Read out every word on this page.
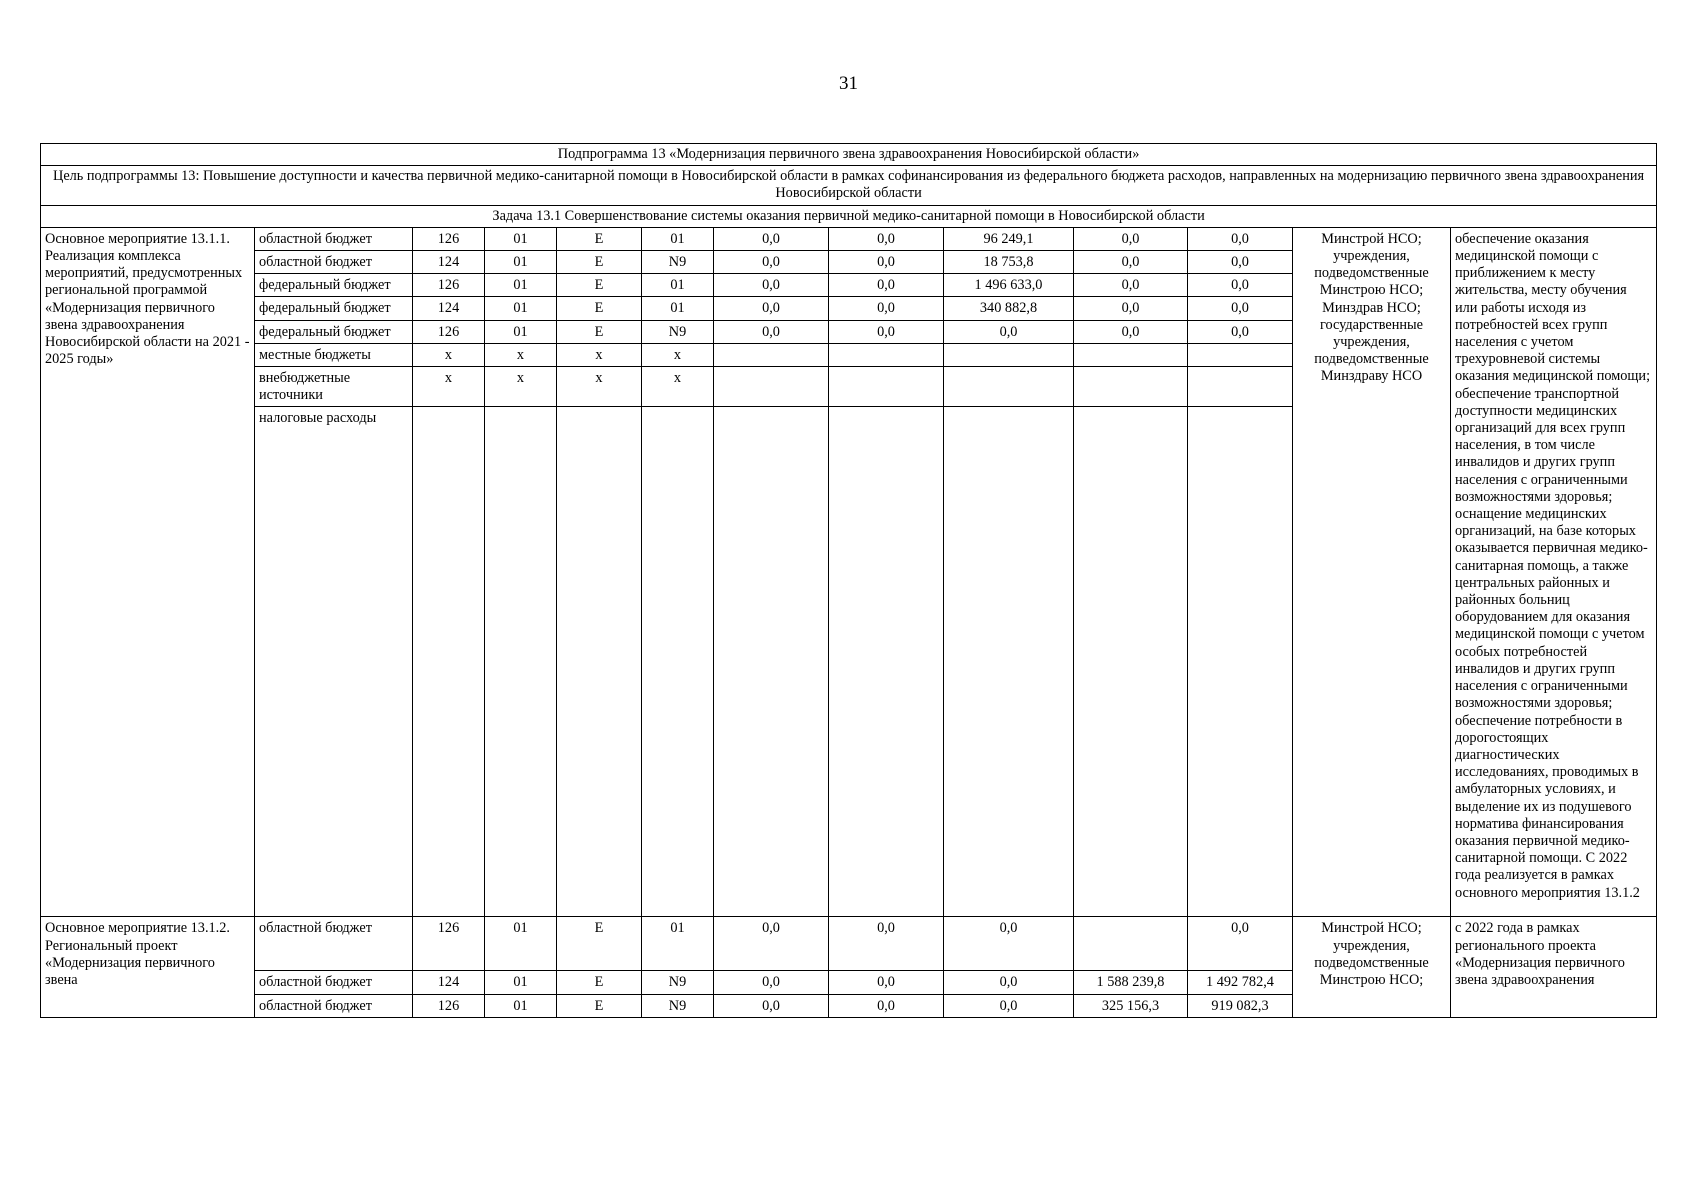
31
Подпрограмма 13 «Модернизация первичного звена здравоохранения Новосибирской области»												
Цель подпрограммы 13: Повышение доступности и качества первичной медико-санитарной помощи в Новосибирской области в рамках софинансирования из федерального бюджета расходов, направленных на модернизацию первичного звена здравоохранения Новосибирской области												
Задача 13.1 Совершенствование системы оказания первичной медико-санитарной помощи в Новосибирской области												
Основное мероприятие 13.1.1. Реализация комплекса мероприятий, предусмотренных региональной программой «Модернизация первичного звена здравоохранения Новосибирской области на 2021 - 2025 годы»	областной бюджет	126	01	Е	01	0,0	0,0	96 249,1	0,0	0,0	Минстрой НСО; учреждения, подведомственные Минстрою НСО; Минздрав НСО; государственные учреждения, подведомственные Минздраву НСО	обеспечение оказания медицинской помощи с приближением к месту жительства, месту обучения или работы исходя из потребностей всех групп населения с учетом трехуровневой системы оказания медицинской помощи; обеспечение транспортной доступности медицинских организаций для всех групп населения, в том числе инвалидов и других групп населения с ограниченными возможностями здоровья; оснащение медицинских организаций, на базе которых оказывается первичная медико-санитарная помощь, а также центральных районных и районных больниц оборудованием для оказания медицинской помощи с учетом особых потребностей инвалидов и других групп населения с ограниченными возможностями здоровья; обеспечение потребности в дорогостоящих диагностических исследованиях, проводимых в амбулаторных условиях, и выделение их из подушевого норматива финансирования оказания первичной медико-санитарной помощи. С 2022 года реализуется в рамках основного мероприятия 13.1.2
	областной бюджет	124	01	Е	N9	0,0	0,0	18 753,8	0,0	0,0		
	федеральный бюджет	126	01	Е	01	0,0	0,0	1 496 633,0	0,0	0,0		
	федеральный бюджет	124	01	Е	01	0,0	0,0	340 882,8	0,0	0,0		
	федеральный бюджет	126	01	Е	N9	0,0	0,0	0,0	0,0	0,0		
	местные бюджеты	х	х	х	х							
	внебюджетные источники	х	х	х	х							
	налоговые расходы											
Основное мероприятие 13.1.2. Региональный проект «Модернизация первичного звена	областной бюджет	126	01	Е	01	0,0	0,0	0,0		0,0	Минстрой НСО; учреждения, подведомственные Минстрою НСО;	с 2022 года в рамках регионального проекта «Модернизация первичного звена здравоохранения
	областной бюджет	124	01	Е	N9	0,0	0,0	0,0	1 588 239,8	1 492 782,4		
	областной бюджет	126	01	Е	N9	0,0	0,0	0,0	325 156,3	919 082,3		
